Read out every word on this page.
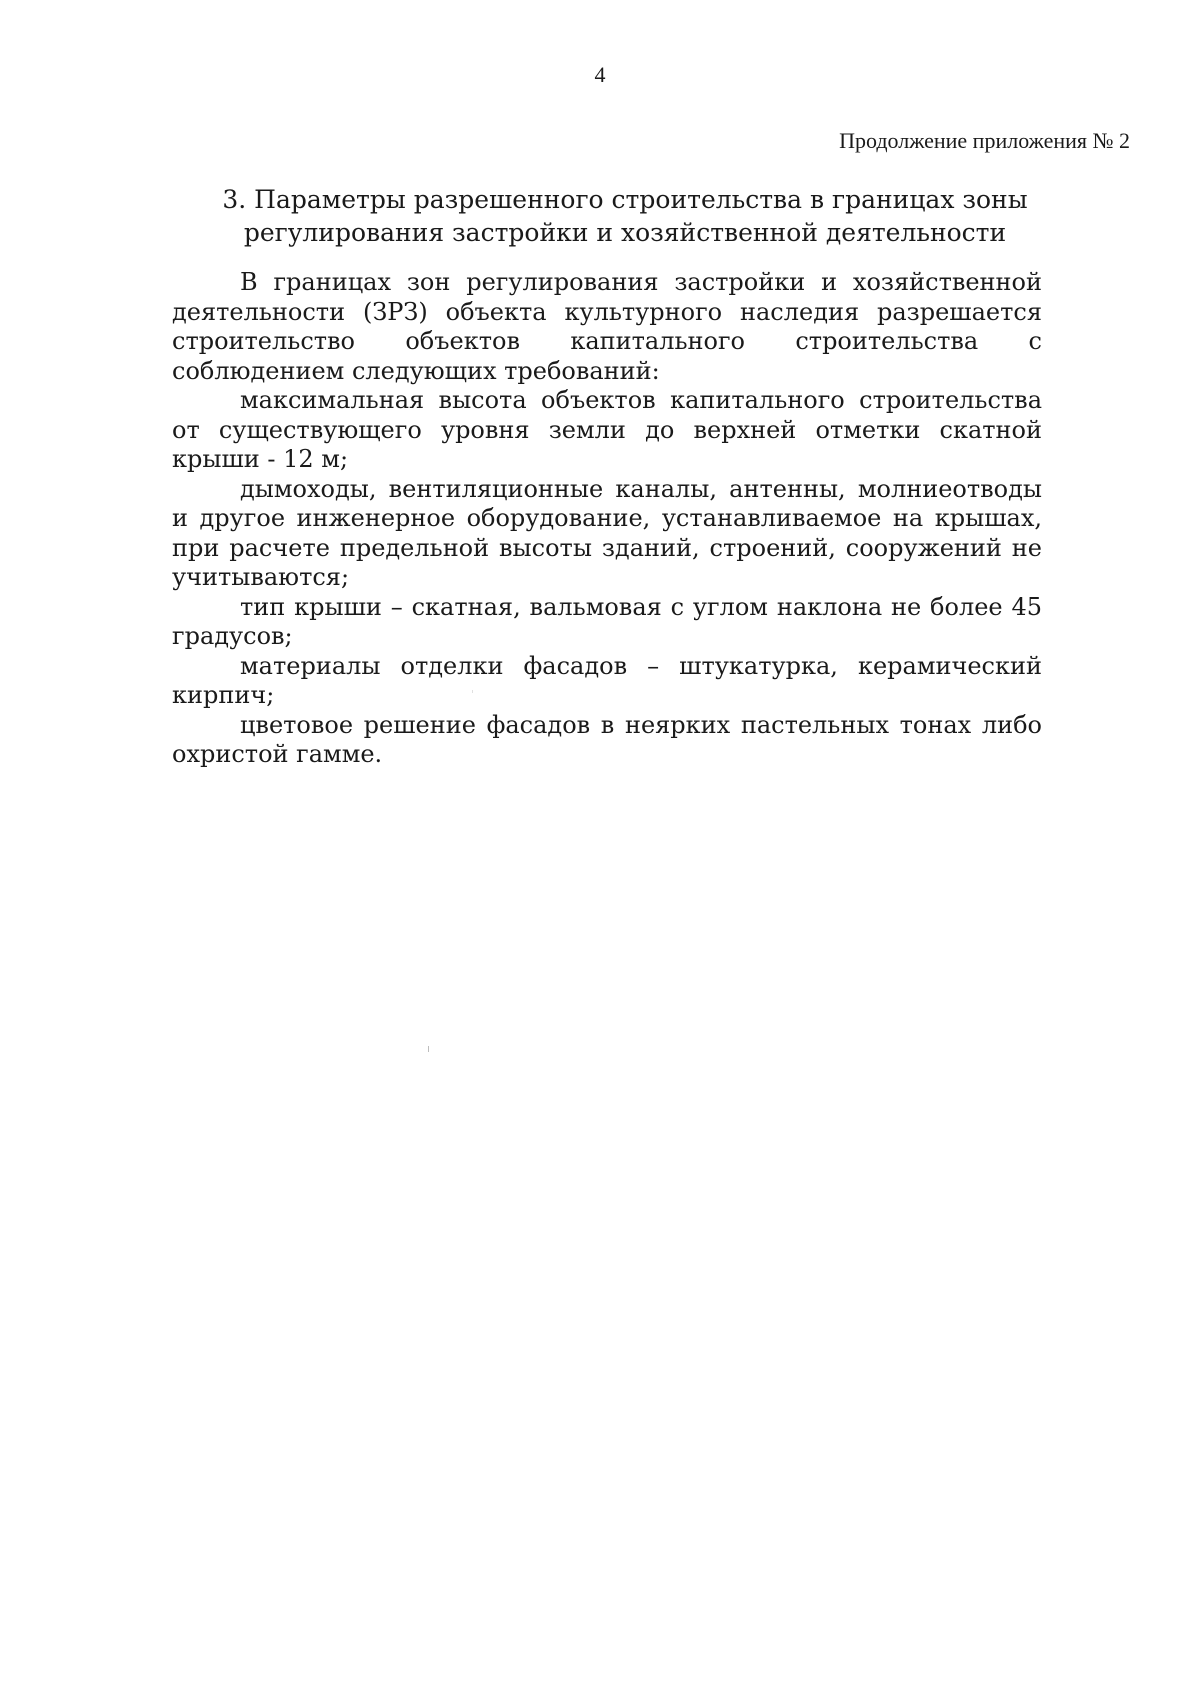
4
Продолжение приложения № 2
3. Параметры разрешенного строительства в границах зоны регулирования застройки и хозяйственной деятельности

В границах зон регулирования застройки и хозяйственной деятельности (ЗРЗ) объекта культурного наследия разрешается строительство объектов капитального строительства с соблюдением следующих требований:

максимальная высота объектов капитального строительства от существующего уровня земли до верхней отметки скатной крыши - 12 м;

дымоходы, вентиляционные каналы, антенны, молниеотводы и другое инженерное оборудование, устанавливаемое на крышах, при расчете предельной высоты зданий, строений, сооружений не учитываются;

тип крыши – скатная, вальмовая с углом наклона не более 45 градусов;

материалы отделки фасадов – штукатурка, керамический кирпич;

цветовое решение фасадов в неярких пастельных тонах либо охристой гамме.
